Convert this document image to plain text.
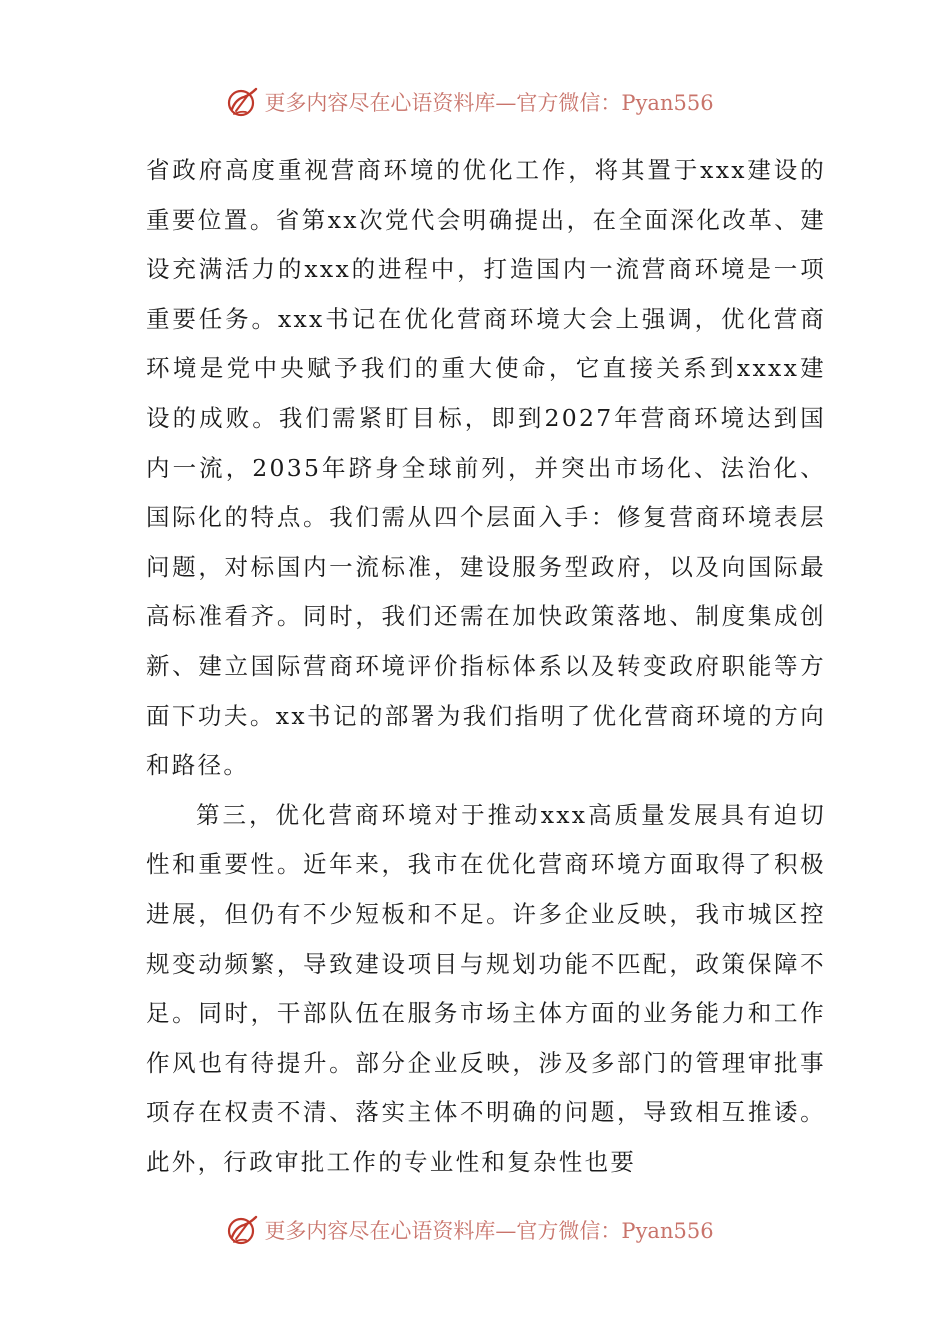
更多内容尽在心语资料库—官方微信：Pyan556

省政府高度重视营商环境的优化工作，将其置于xxx建设的重要位置。省第xx次党代会明确提出，在全面深化改革、建设充满活力的xxx的进程中，打造国内一流营商环境是一项重要任务。xxx书记在优化营商环境大会上强调，优化营商环境是党中央赋予我们的重大使命，它直接关系到xxxx建设的成败。我们需紧盯目标，即到2027年营商环境达到国内一流，2035年跻身全球前列，并突出市场化、法治化、国际化的特点。我们需从四个层面入手：修复营商环境表层问题，对标国内一流标准，建设服务型政府，以及向国际最高标准看齐。同时，我们还需在加快政策落地、制度集成创新、建立国际营商环境评价指标体系以及转变政府职能等方面下功夫。xx书记的部署为我们指明了优化营商环境的方向和路径。

第三，优化营商环境对于推动xxx高质量发展具有迫切性和重要性。近年来，我市在优化营商环境方面取得了积极进展，但仍有不少短板和不足。许多企业反映，我市城区控规变动频繁，导致建设项目与规划功能不匹配，政策保障不足。同时，干部队伍在服务市场主体方面的业务能力和工作作风也有待提升。部分企业反映，涉及多部门的管理审批事项存在权责不清、落实主体不明确的问题，导致相互推诿。此外，行政审批工作的专业性和复杂性也要

更多内容尽在心语资料库—官方微信：Pyan556
